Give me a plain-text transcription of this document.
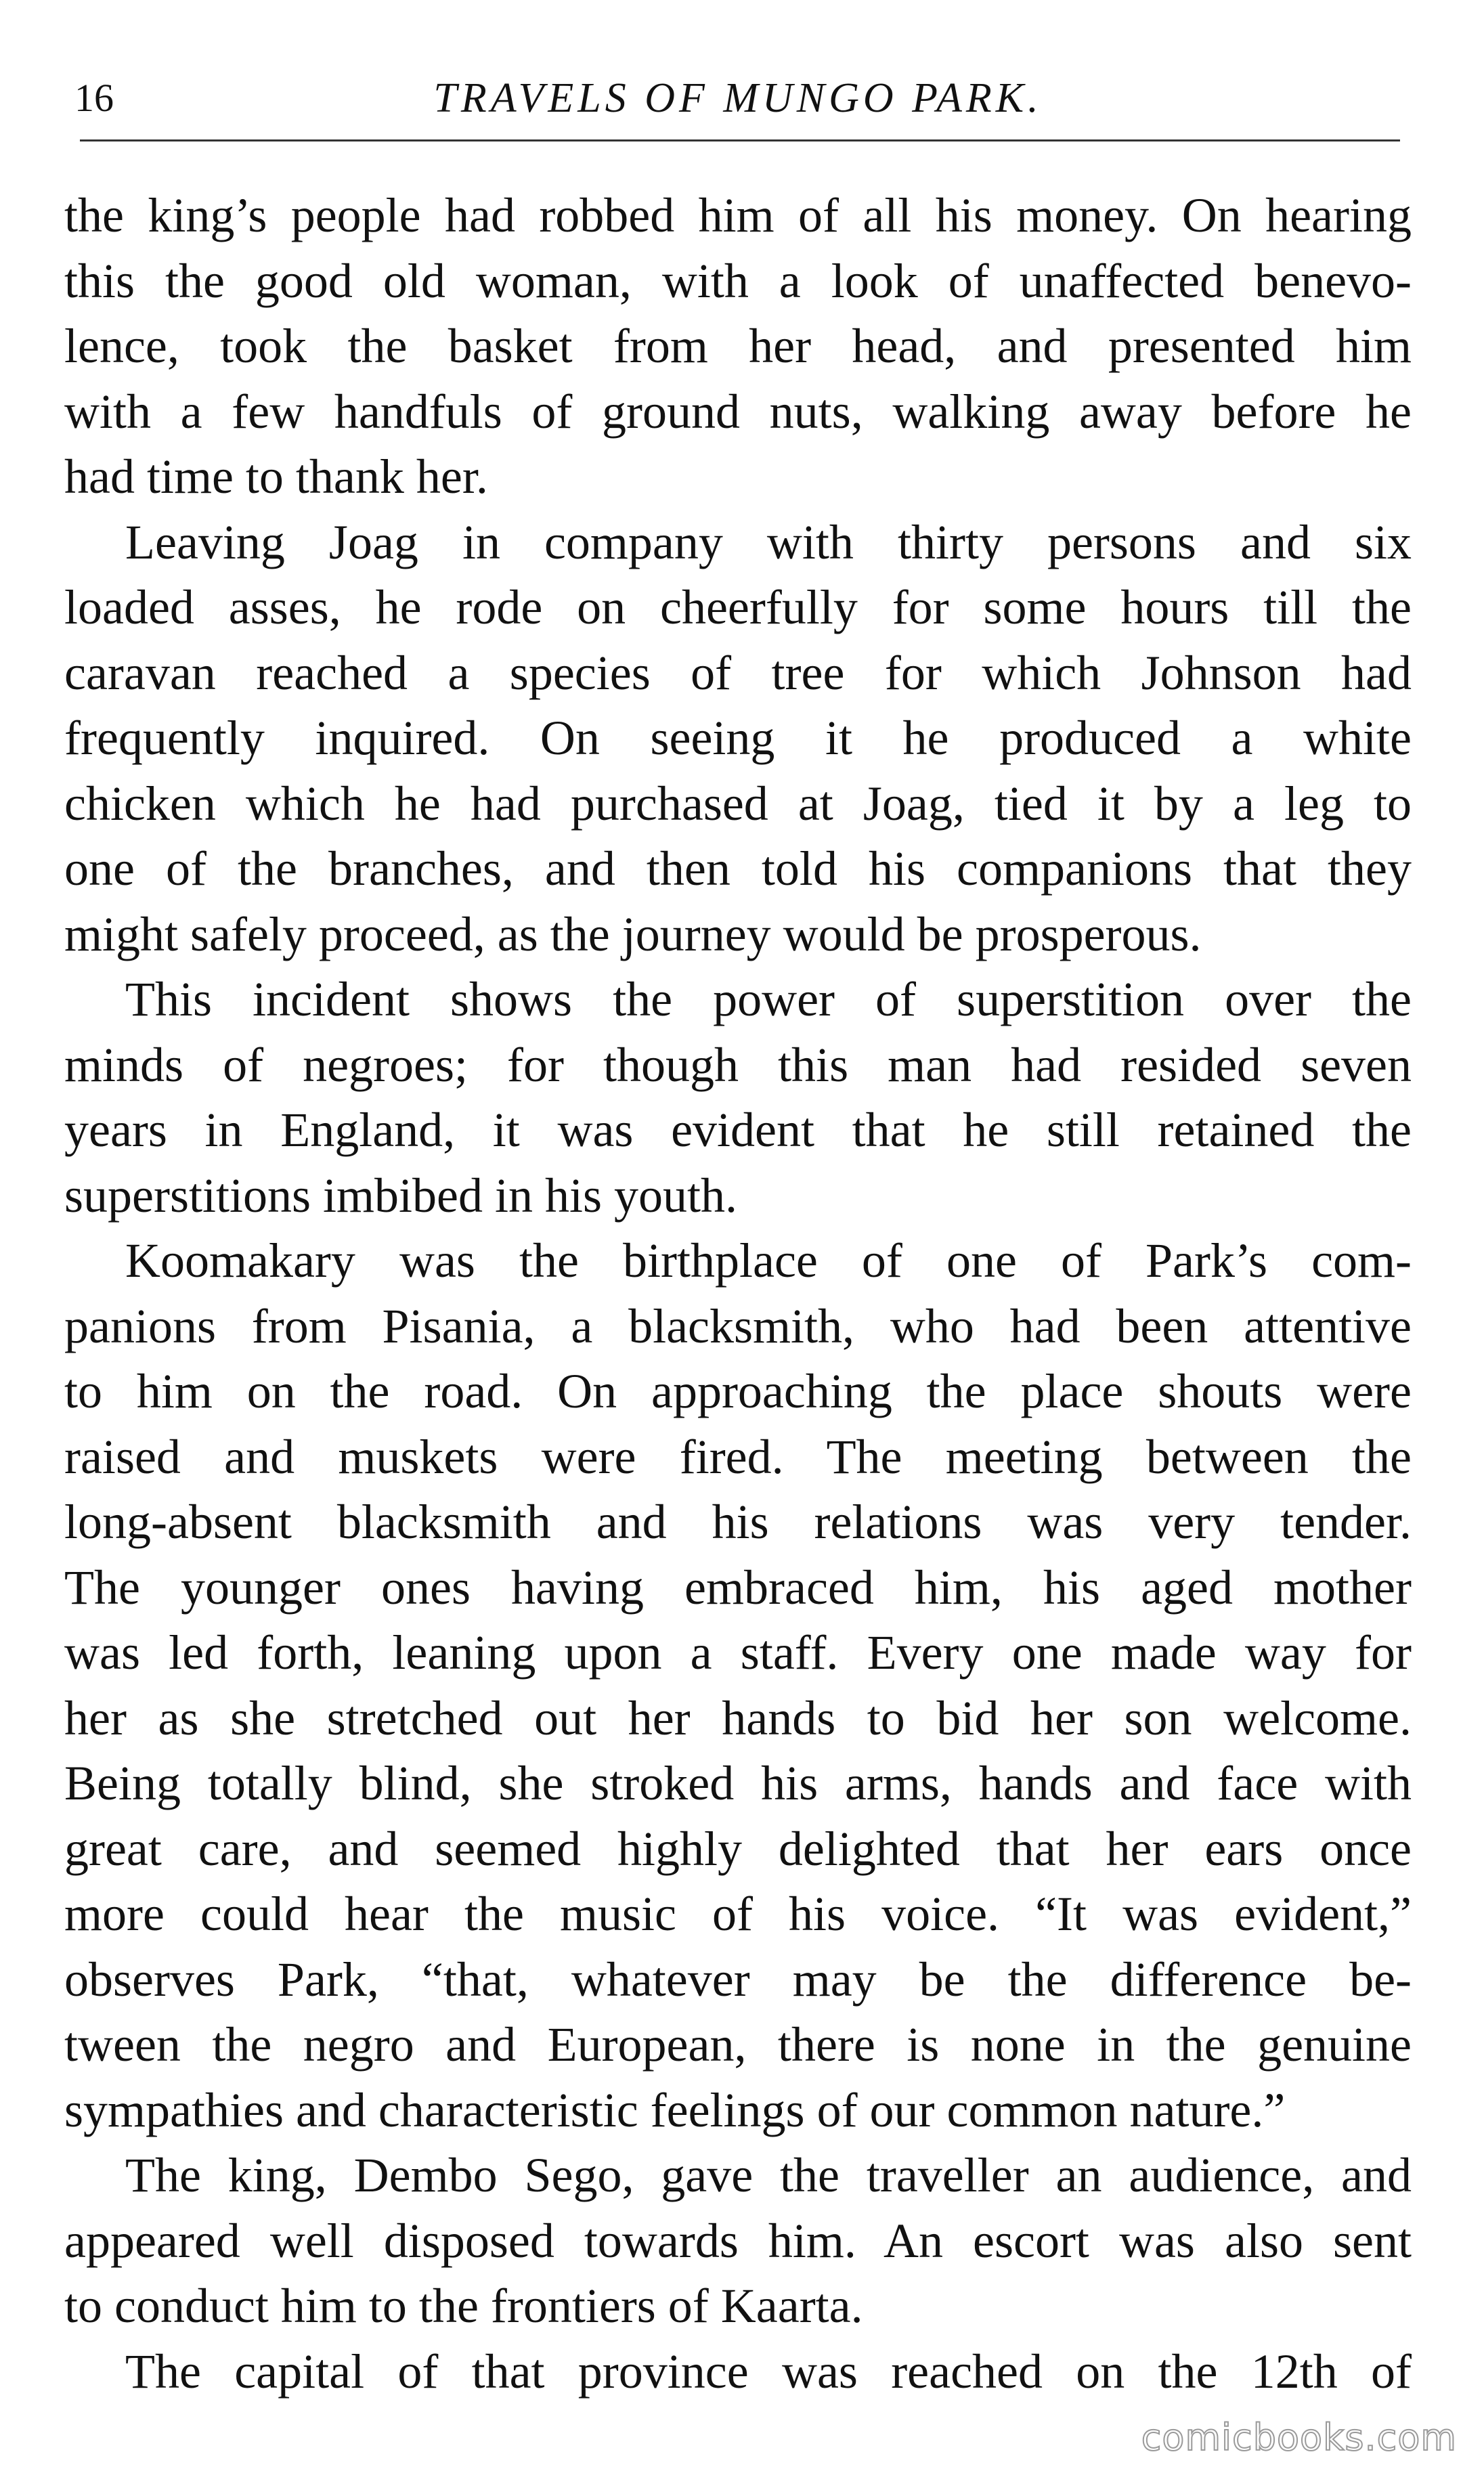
16	TRAVELS OF MUNGO PARK.

the king’s people had robbed him of all his money. On hearing
this the good old woman, with a look of unaffected benevo-
lence, took the basket from her head, and presented him
with a few handfuls of ground nuts, walking away before he
had time to thank her.

Leaving Joag in company with thirty persons and six
loaded asses, he rode on cheerfully for some hours till the
caravan reached a species of tree for which Johnson had
frequently inquired. On seeing it he produced a white
chicken which he had purchased at Joag, tied it by a leg to
one of the branches, and then told his companions that they
might safely proceed, as the journey would be prosperous.

This incident shows the power of superstition over the
minds of negroes; for though this man had resided seven
years in England, it was evident that he still retained the
superstitions imbibed in his youth.

Koomakary was the birthplace of one of Park’s com-
panions from Pisania, a blacksmith, who had been attentive
to him on the road. On approaching the place shouts were
raised and muskets were fired. The meeting between the
long-absent blacksmith and his relations was very tender.
The younger ones having embraced him, his aged mother
was led forth, leaning upon a staff. Every one made way for
her as she stretched out her hands to bid her son welcome.
Being totally blind, she stroked his arms, hands and face with
great care, and seemed highly delighted that her ears once
more could hear the music of his voice. “It was evident,”
observes Park, “that, whatever may be the difference be-
tween the negro and European, there is none in the genuine
sympathies and characteristic feelings of our common nature.”

The king, Dembo Sego, gave the traveller an audience, and
appeared well disposed towards him. An escort was also sent
to conduct him to the frontiers of Kaarta.

The capital of that province was reached on the 12th of

comicbooks.com
